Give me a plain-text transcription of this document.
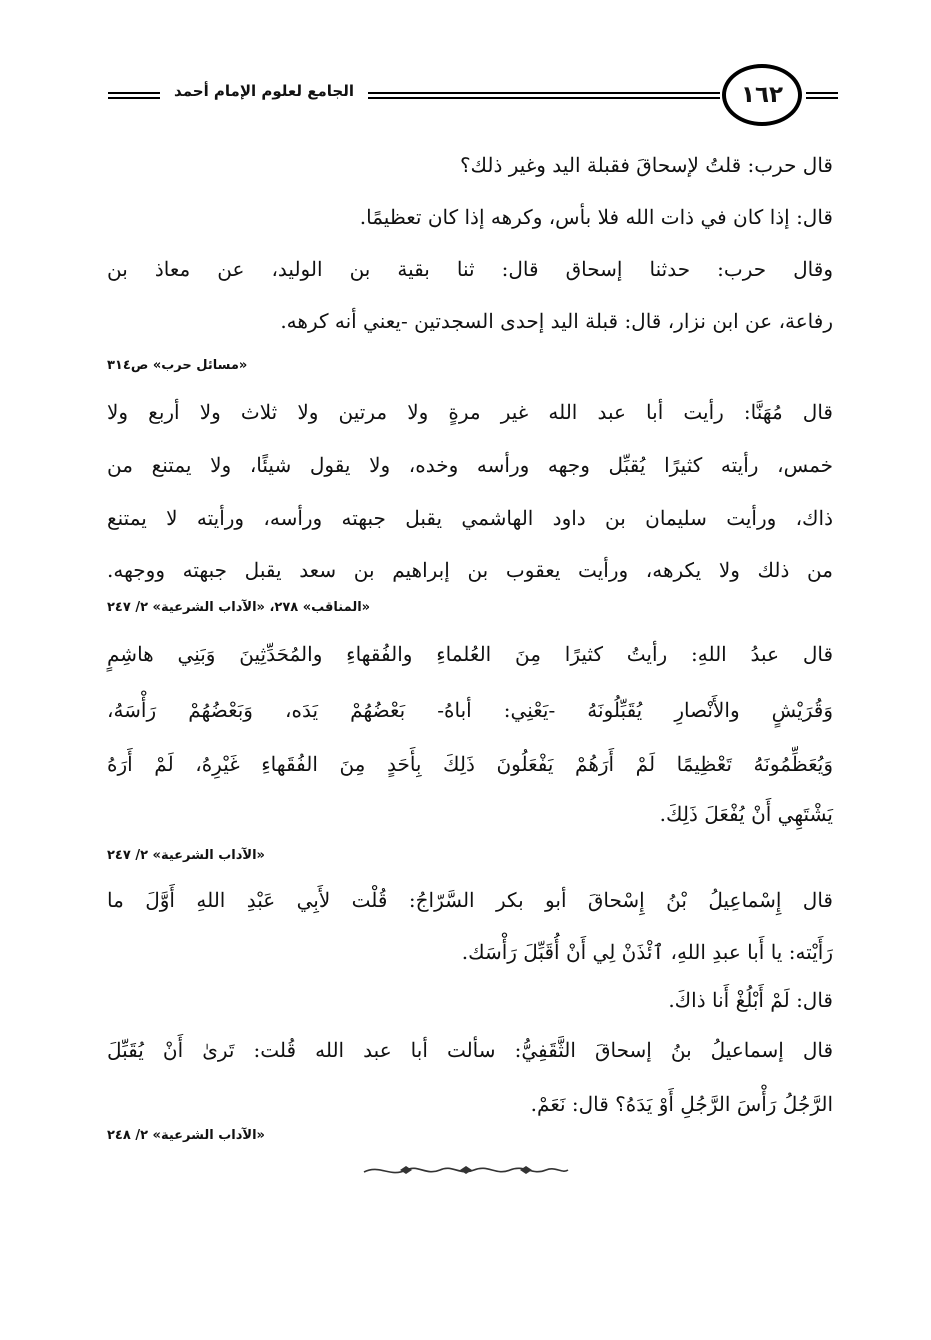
الجامع لعلوم الإمام أحمد	١٦٢
قال حرب: قلتُ لإسحاقَ فقبلة اليد وغير ذلك؟
قال: إذا كان في ذات الله فلا بأس، وكرهه إذا كان تعظيمًا.
وقال حرب: حدثنا إسحاق قال: ثنا بقية بن الوليد، عن معاذ بن
رفاعة، عن ابن نزار، قال: قبلة اليد إحدى السجدتين -يعني أنه كرهه.
«مسائل حرب» ص٣١٤
قال مُهَنَّا: رأيت أبا عبد الله غير مرةٍ ولا مرتين ولا ثلاث ولا أربع ولا
خمس، رأيته كثيرًا يُقبِّل وجهه ورأسه وخده، ولا يقول شيئًا، ولا يمتنع من
ذاك، ورأيت سليمان بن داود الهاشمي يقبل جبهته ورأسه، ورأيته لا يمتنع
من ذلك ولا يكرهه، ورأيت يعقوب بن إبراهيم بن سعد يقبل جبهته ووجهه.
«المناقب» ٢٧٨، «الآداب الشرعية» ٢/ ٢٤٧
قال عبدُ اللهِ: رأيتُ كثيرًا مِنَ العُلماءِ والفُقهاءِ والمُحَدِّثِينَ وَبَنِي هاشِمٍ
وَقُرَيْشٍ والأَنْصارِ يُقَبِّلُونَهُ -يَعْنِي: أباهُ- بَعْضُهُمْ يَدَه، وَبَعْضُهُمْ رَأْسَهُ،
وَيُعَظِّمُونَهُ تَعْظِيمًا لَمْ أَرَهُمْ يَفْعَلُونَ ذَلِكَ بِأَحَدٍ مِنَ الفُقَهاءِ غَيْرِهُ، لَمْ أَرَهُ
يَشْتَهِي أَنْ يُفْعَلَ ذَلِكَ.
«الآداب الشرعية» ٢/ ٢٤٧
قال إِسْماعِيلُ بْنُ إِسْحاقَ أبو بكر السَّرّاجُ: قُلْت لأَبِي عَبْدِ اللهِ أَوَّلَ ما
رَأَيْته: يا أَبا عبدِ اللهِ، ٱئْذَنْ لِي أَنْ أُقَبِّلَ رَأْسَك.
قال: لَمْ أَبْلُغْ أَنا ذاكَ.
قال إسماعيلُ بنُ إسحاقَ الثَّقَفِيُّ: سألت أبا عبد الله قُلت: تَرىٰ أَنْ يُقَبِّلَ
الرَّجُلُ رَأْسَ الرَّجُلِ أَوْ يَدَهُ؟ قال: نَعَمْ.
«الآداب الشرعية» ٢/ ٢٤٨
